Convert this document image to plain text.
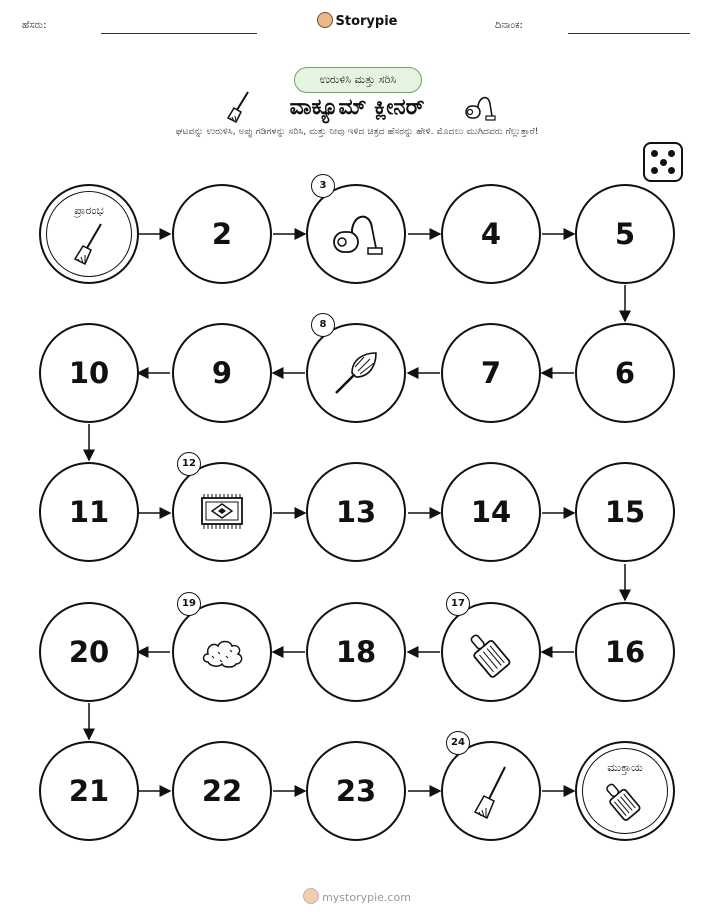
ಹೆಸರು:	Storypie	ದಿನಾಂಕ:
ಉರುಳಿಸಿ ಮತ್ತು ಸರಿಸಿ
ವಾಕ್ಯೂಮ್ ಕ್ಲೀನರ್
ಘಟವನ್ನು ಉರುಳಿಸಿ, ಅಪ್ಪು ಗಡಿಗಳನ್ನು ಸರಿಸಿ, ಮತ್ತು ನೀವು ಇಳಿದ ಚಿತ್ರದ ಹೆಸರನ್ನು ಹೇಳಿ. ಮೊದಲು ಮುಗಿದವರು ಗೆಲ್ಲುತ್ತಾರೆ!
ಪ್ರಾರಂಭ
2
3
4	5
10	9
8
7	6
11
12
13	14	15
20
19
18
17
16
21	22	23
24
ಮುಕ್ತಾಯ
mystorypie.com
